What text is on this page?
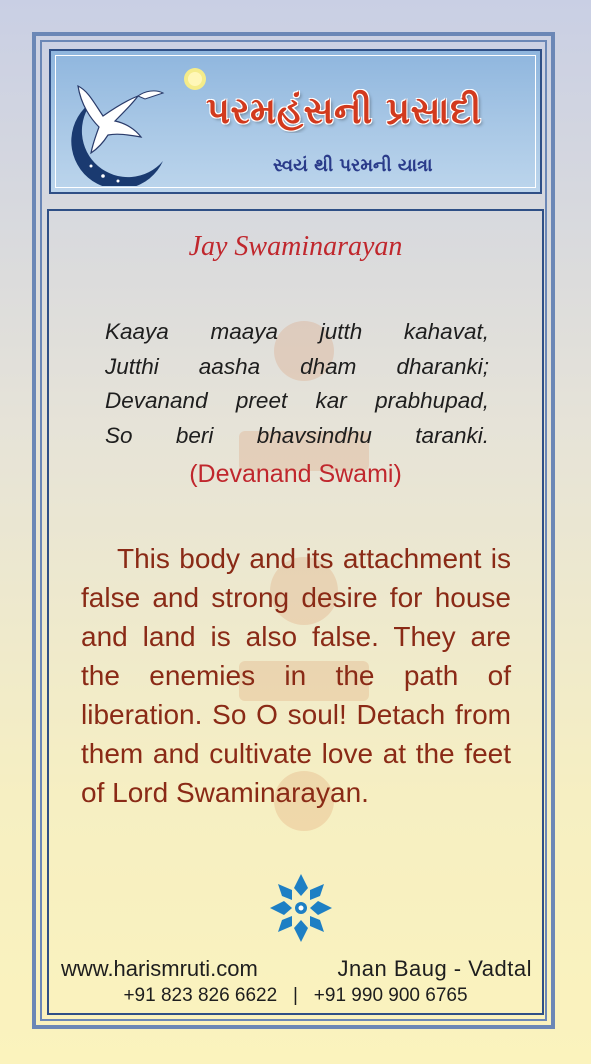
પરમહંસની પ્રસાદી
સ્વયં થી પરમની યાત્રા
Jay Swaminarayan
Kaaya maaya jutth kahavat,
Jutthi aasha dham dharanki;
Devanand preet kar prabhupad,
So beri bhavsindhu taranki.
(Devanand Swami)
This body and its attachment is false and strong desire for house and land is also false. They are the enemies in the path of liberation. So O soul! Detach from them and cultivate love at the feet of Lord Swaminarayan.
www.harismruti.com	Jnan Baug - Vadtal
+91 823 826 6622   |   +91 990 900 6765
